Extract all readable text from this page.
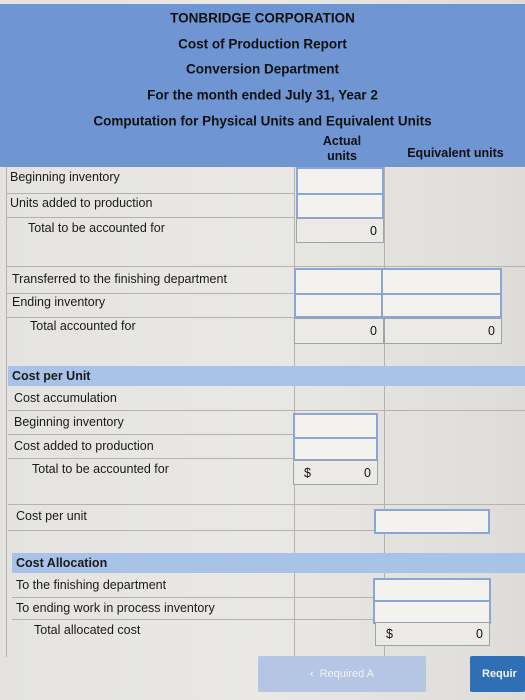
TONBRIDGE CORPORATION
Cost of Production Report
Conversion Department
For the month ended July 31, Year 2
Computation for Physical Units and Equivalent Units
Actual
units	Equivalent units
Beginning inventory
Units added to production
Total to be accounted for	0
Transferred to the finishing department
Ending inventory
Total accounted for	0	0
Cost per Unit
Cost accumulation
Beginning inventory
Cost added to production
Total to be accounted for	$	0
Cost per unit
Cost Allocation
To the finishing department
To ending work in process inventory
Total allocated cost	$	0
‹ Required A	Requir
